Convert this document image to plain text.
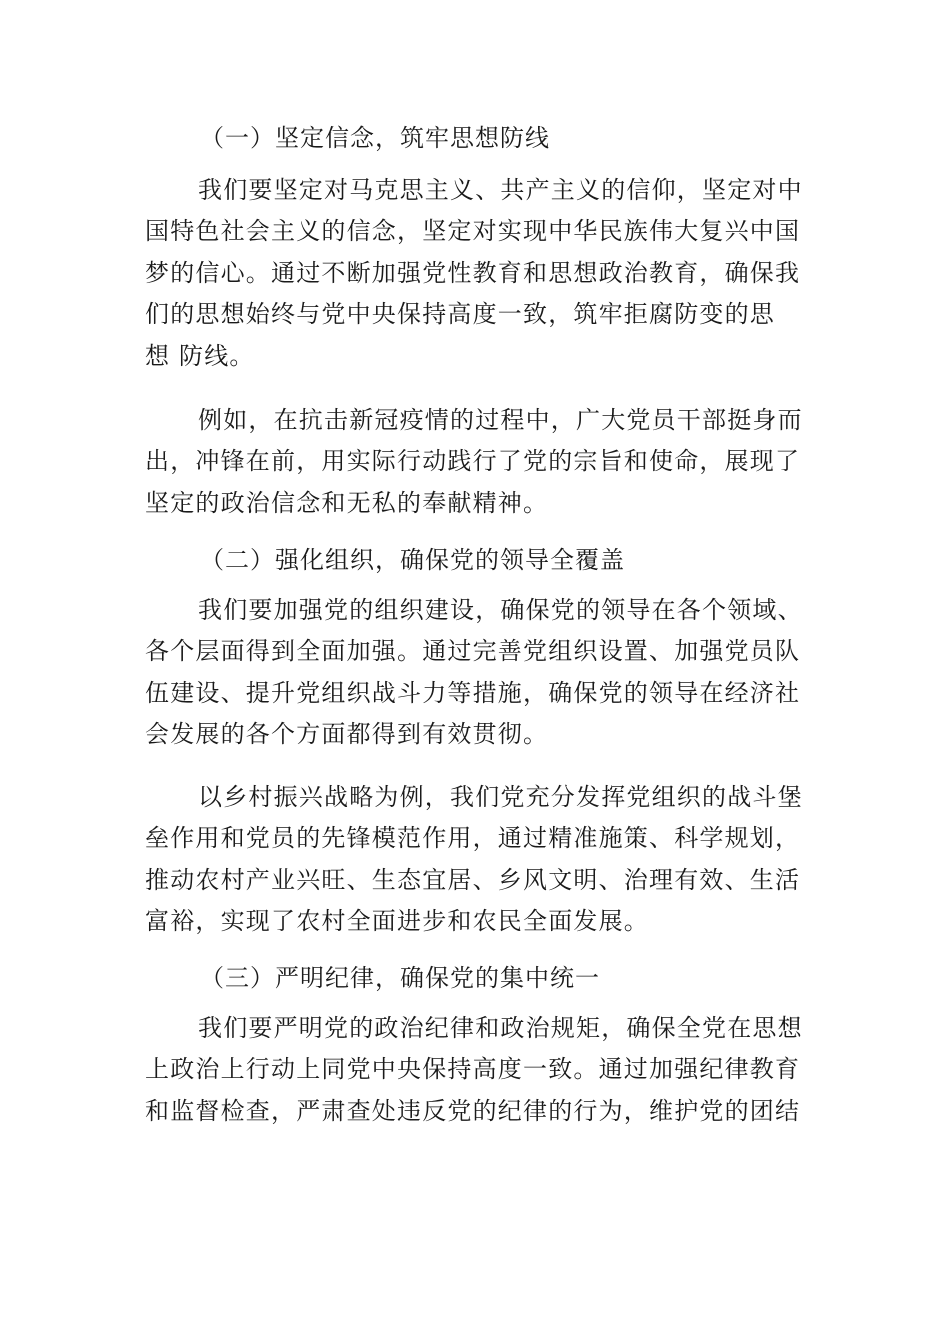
（一）坚定信念，筑牢思想防线
我们要坚定对马克思主义、共产主义的信仰，坚定对中
国特色社会主义的信念，坚定对实现中华民族伟大复兴中国
梦的信心。通过不断加强党性教育和思想政治教育，确保我
们的思想始终与党中央保持高度一致，筑牢拒腐防变的思
想 防线。
例如，在抗击新冠疫情的过程中，广大党员干部挺身而
出，冲锋在前，用实际行动践行了党的宗旨和使命，展现了
坚定的政治信念和无私的奉献精神。
（二）强化组织，确保党的领导全覆盖
我们要加强党的组织建设，确保党的领导在各个领域、
各个层面得到全面加强。通过完善党组织设置、加强党员队
伍建设、提升党组织战斗力等措施，确保党的领导在经济社
会发展的各个方面都得到有效贯彻。
以乡村振兴战略为例，我们党充分发挥党组织的战斗堡
垒作用和党员的先锋模范作用，通过精准施策、科学规划，
推动农村产业兴旺、生态宜居、乡风文明、治理有效、生活
富裕，实现了农村全面进步和农民全面发展。
（三）严明纪律，确保党的集中统一
我们要严明党的政治纪律和政治规矩，确保全党在思想
上政治上行动上同党中央保持高度一致。通过加强纪律教育
和监督检查，严肃查处违反党的纪律的行为，维护党的团结
